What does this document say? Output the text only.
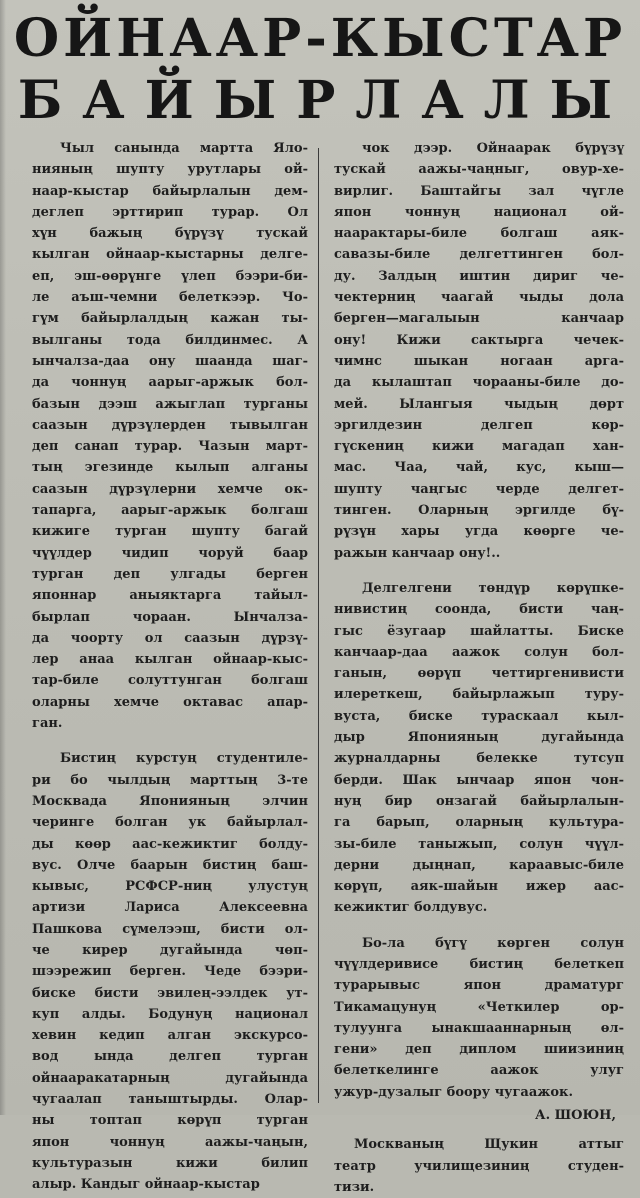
ОЙНААР-КЫСТАР
БАЙЫРЛАЛЫ
Чыл санында мартта Яло-
нияның шупту урутлары ой-
наар-кыстар байырлалын дем-
деглеп эрттирип турар. Ол
хүн бажың бүрүзү тускай
кылган ойнаар-кыстарны делге-
еп, эш-өөрүнге үлеп бээри-би-
ле аъш-чемни белеткээр. Чо-
гүм байырлалдың кажан ты-
вылганы тода билдинмес. А
ынчалза-даа ону шаанда шаг-
да чоннуң аарыг-аржык бол-
базын дээш ажыглап турганы
саазын дүрзүлерден тывылган
деп санап турар. Чазын март-
тың эгезинде кылып алганы
саазын дүрзүлерни хемче ок-
тапарга, аарыг-аржык болгаш
кижиге турган шупту багай
чүүлдер чидип чоруй баар
турган деп улгады берген
японнар аныяктарга тайыл-
бырлап чораан. Ынчалза-
да чоорту ол саазын дүрзү-
лер анаа кылган ойнаар-кыс-
тар-биле солуттунган болгаш
оларны хемче октавас апар-
ган.
Бистиң курстуң студентиле-
ри бо чылдың марттың 3-те
Москвада Японияның элчин
черинге болган ук байырлал-
ды көөр аас-кежиктиг болду-
вус. Олче баарын бистиң баш-
кывыс, РСФСР-ниң улустуң
артизи Лариса Алексеевна
Пашкова сүмелээш, бисти ол-
че кирер дугайында чөп-
шээрежип берген. Чеде бээри-
биске бисти эвилең-ээлдек ут-
куп алды. Бодунуң национал
хевин кедип алган экскурсо-
вод ында делгеп турган
ойнааракатарның дугайында
чугаалап таныштырды. Олар-
ны топтап көрүп турган
япон чоннуң аажы-чаңын,
культуразын кижи билип
алыр. Кандыг ойнаар-кыстар
чок дээр. Ойнаарак бүрүзү
тускай аажы-чаңныг, овур-хе-
вирлиг. Баштайгы зал чүгле
япон чоннуң национал ой-
наарактары-биле болгаш аяк-
савазы-биле делгеттинген бол-
ду. Залдың иштин дириг че-
чектерниң чаагай чыды дола
берген—магалыын канчаар
ону! Кижи сактырга чечек-
чимнс шыкан ногаан арга-
да кылаштап чорааны-биле до-
мей. Ылангыя чыдың дөрт
эргилдезин делгеп көр-
гүскениң кижи магадап хан-
мас. Чаа, чай, кус, кыш—
шупту чаңгыс черде делгет-
тинген. Оларның эргилде бү-
рүзүн хары угда көөрге че-
ражын канчаар ону!..
Делгелгени төндүр көрүпке-
нивистиң соонда, бисти чаң-
гыс ёзугаар шайлатты. Биске
канчаар-даа аажок солун бол-
ганын, өөрүп четтиргенивисти
илереткеш, байырлажып туру-
вуста, биске тураскаал кыл-
дыр Японияның дугайында
журналдарны белекке тутсуп
берди. Шак ынчаар япон чон-
нуң бир онзагай байырлалын-
га барып, оларның культура-
зы-биле таныжып, солун чүүл-
дерни дыңнап, караавыс-биле
көрүп, аяк-шайын ижер аас-
кежиктиг болдувус.
Бо-ла бүгү көрген солун
чүүлдеривисе бистиң белеткеп
турарывыс япон драматург
Тикамацунуң «Четкилер ор-
тулуунга ынакшааннарның өл-
гени» деп диплом шиизиниң
белеткелинге аажок улуг
ужур-дузалыг боору чугаажок.
А. ШОЮН,
Москваның Щукин аттыг
театр училищезиниң студен-
тизи.
